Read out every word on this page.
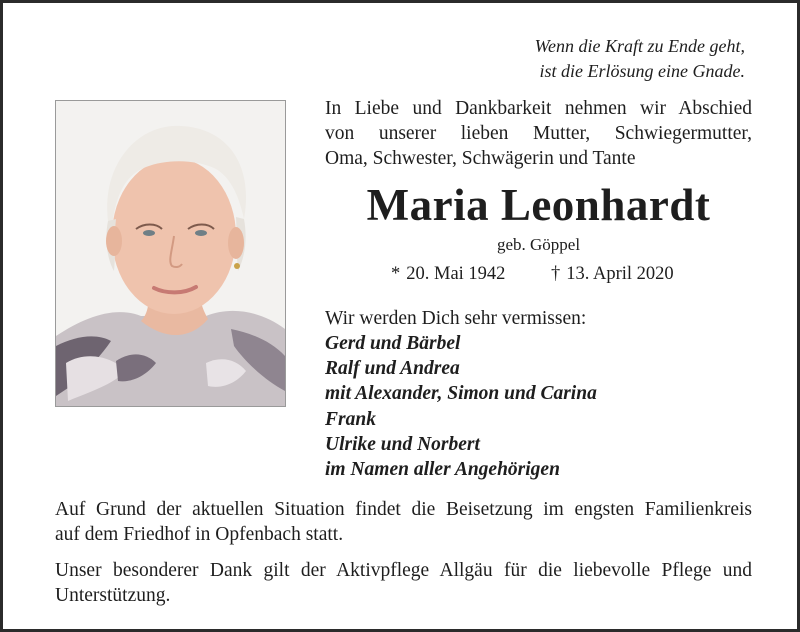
Wenn die Kraft zu Ende geht,
ist die Erlösung eine Gnade.
In Liebe und Dankbarkeit nehmen wir Abschied
von unserer lieben Mutter, Schwiegermutter,
Oma, Schwester, Schwägerin und Tante
Maria Leonhardt
geb. Göppel
* 20. Mai 1942 † 13. April 2020
Wir werden Dich sehr vermissen:
Gerd und Bärbel
Ralf und Andrea
mit Alexander, Simon und Carina
Frank
Ulrike und Norbert
im Namen aller Angehörigen
Auf Grund der aktuellen Situation findet die Beisetzung im engsten Familienkreis
auf dem Friedhof in Opfenbach statt.
Unser besonderer Dank gilt der Aktivpflege Allgäu für die liebevolle Pflege und
Unterstützung.
